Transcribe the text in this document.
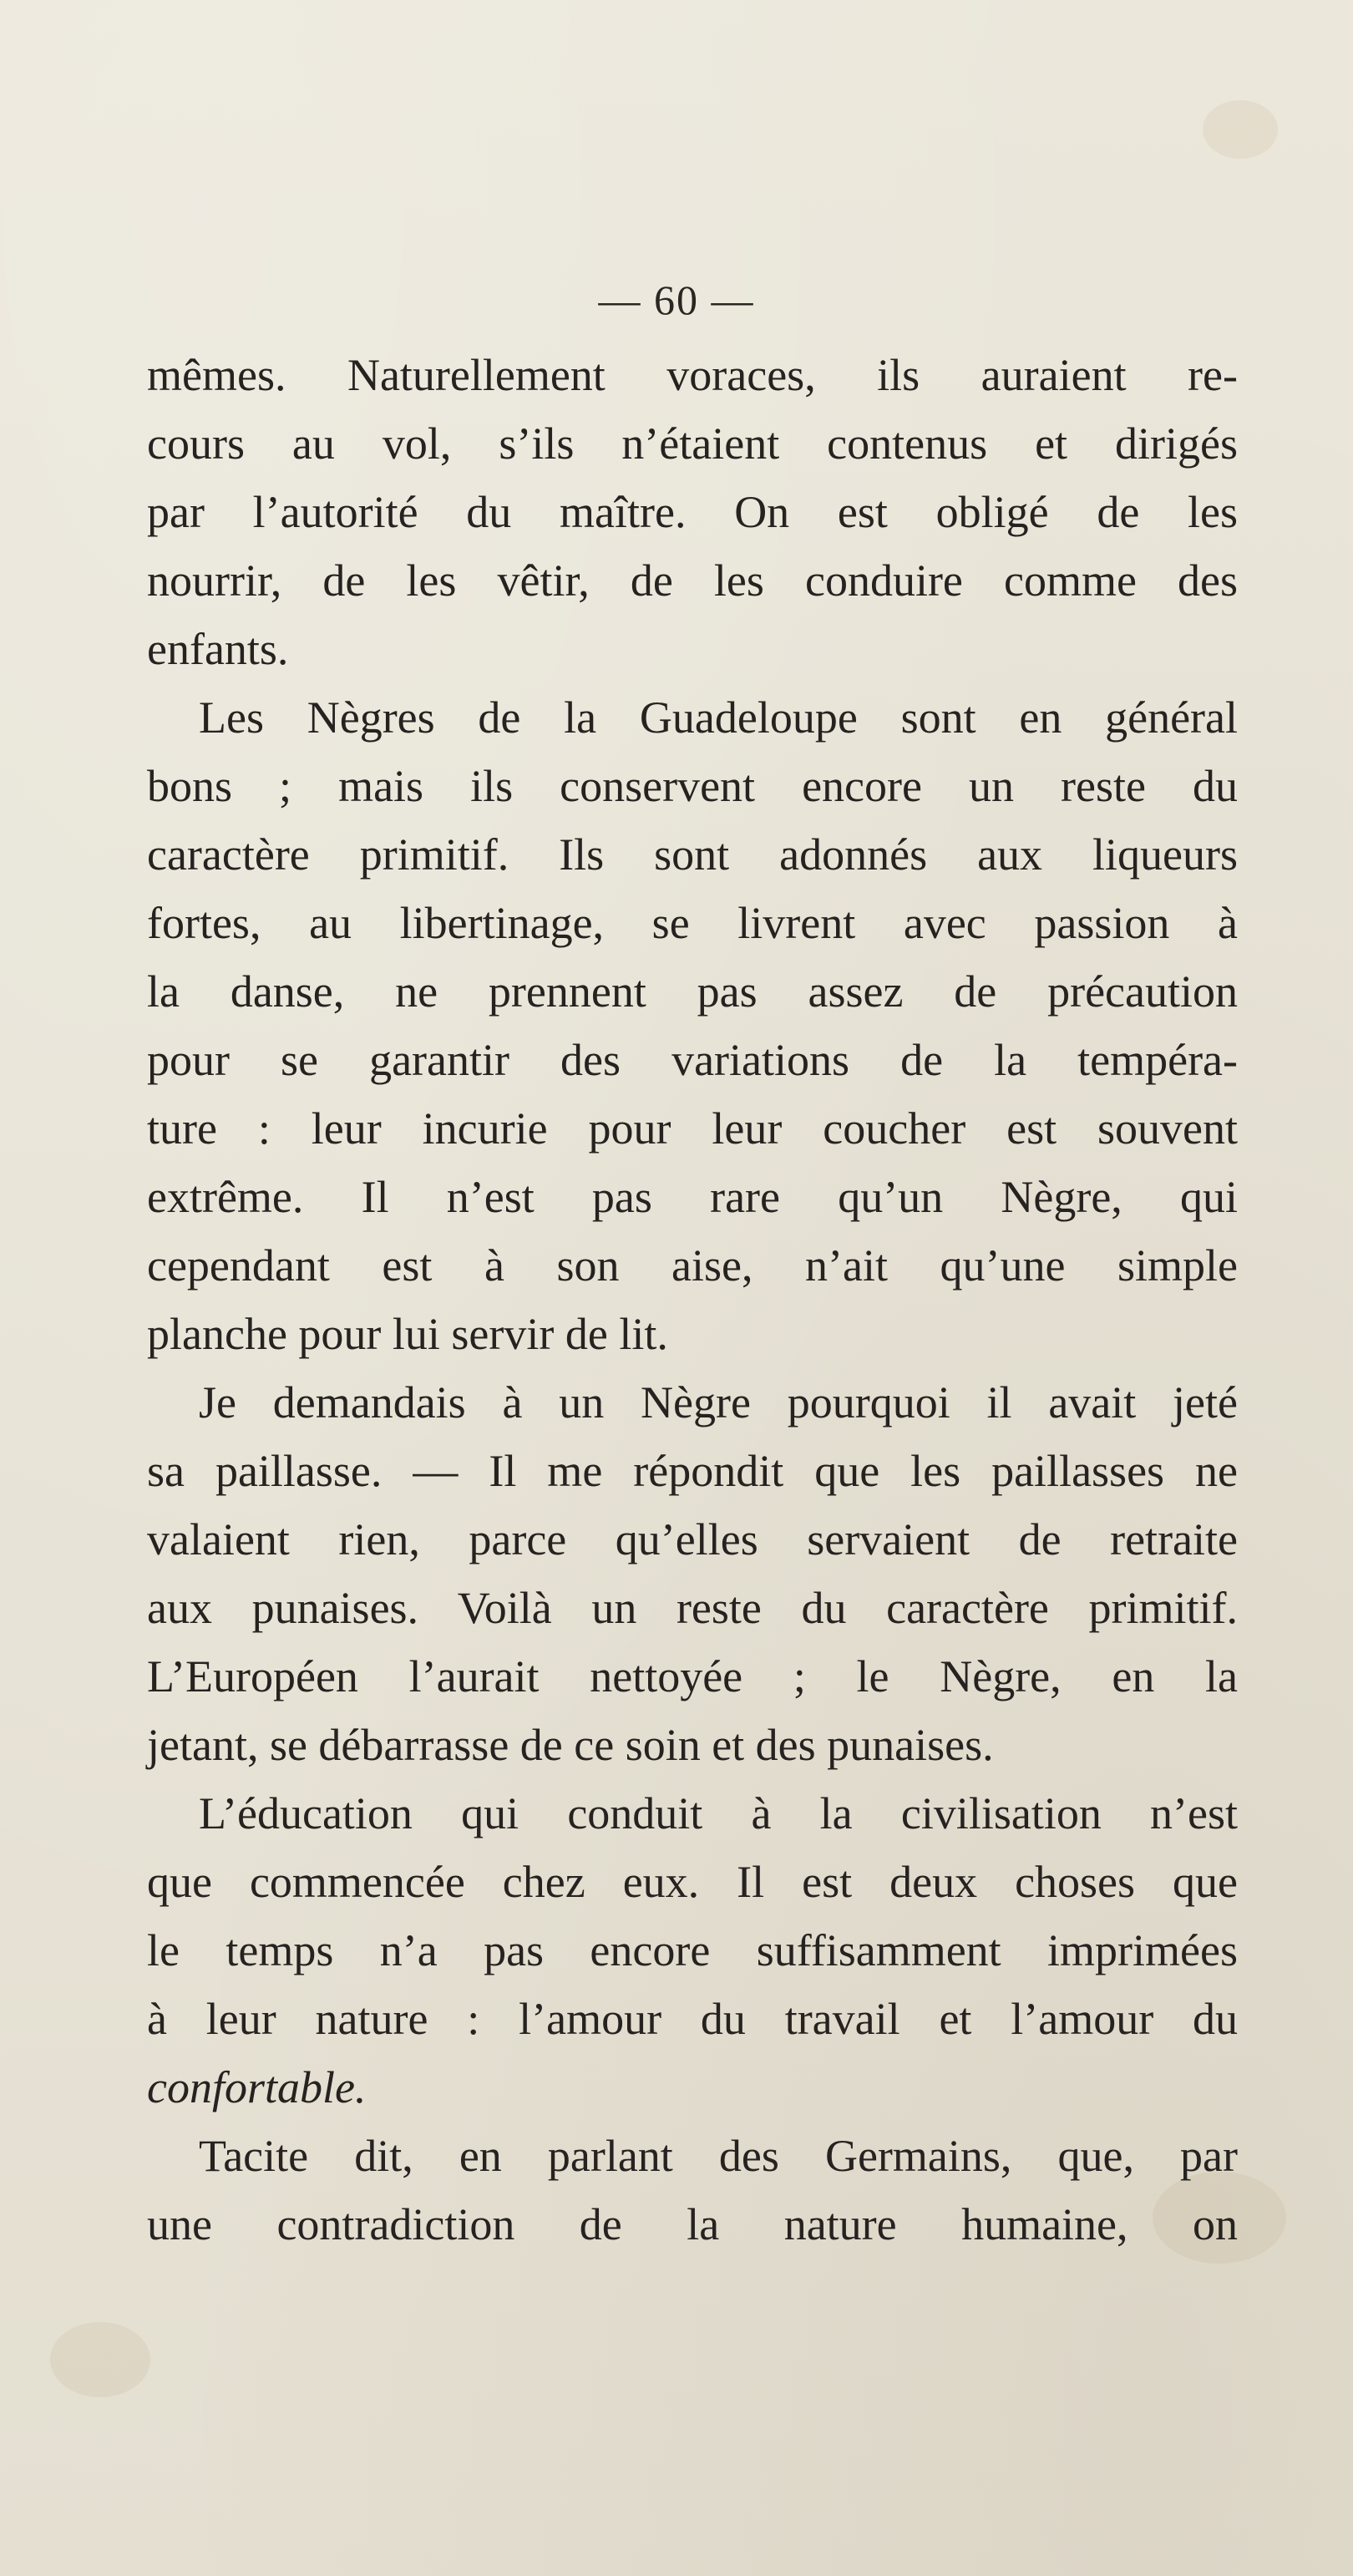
— 60 —
mêmes. Naturellement voraces, ils auraient re-
cours au vol, s’ils n’étaient contenus et dirigés
par l’autorité du maître. On est obligé de les
nourrir, de les vêtir, de les conduire comme des
enfants.
Les Nègres de la Guadeloupe sont en général
bons ; mais ils conservent encore un reste du
caractère primitif. Ils sont adonnés aux liqueurs
fortes, au libertinage, se livrent avec passion à
la danse, ne prennent pas assez de précaution
pour se garantir des variations de la tempéra-
ture : leur incurie pour leur coucher est souvent
extrême. Il n’est pas rare qu’un Nègre, qui
cependant est à son aise, n’ait qu’une simple
planche pour lui servir de lit.
Je demandais à un Nègre pourquoi il avait jeté
sa paillasse. — Il me répondit que les paillasses ne
valaient rien, parce qu’elles servaient de retraite
aux punaises. Voilà un reste du caractère primitif.
L’Européen l’aurait nettoyée ; le Nègre, en la
jetant, se débarrasse de ce soin et des punaises.
L’éducation qui conduit à la civilisation n’est
que commencée chez eux. Il est deux choses que
le temps n’a pas encore suffisamment imprimées
à leur nature : l’amour du travail et l’amour du
confortable.
Tacite dit, en parlant des Germains, que, par
une contradiction de la nature humaine, on
